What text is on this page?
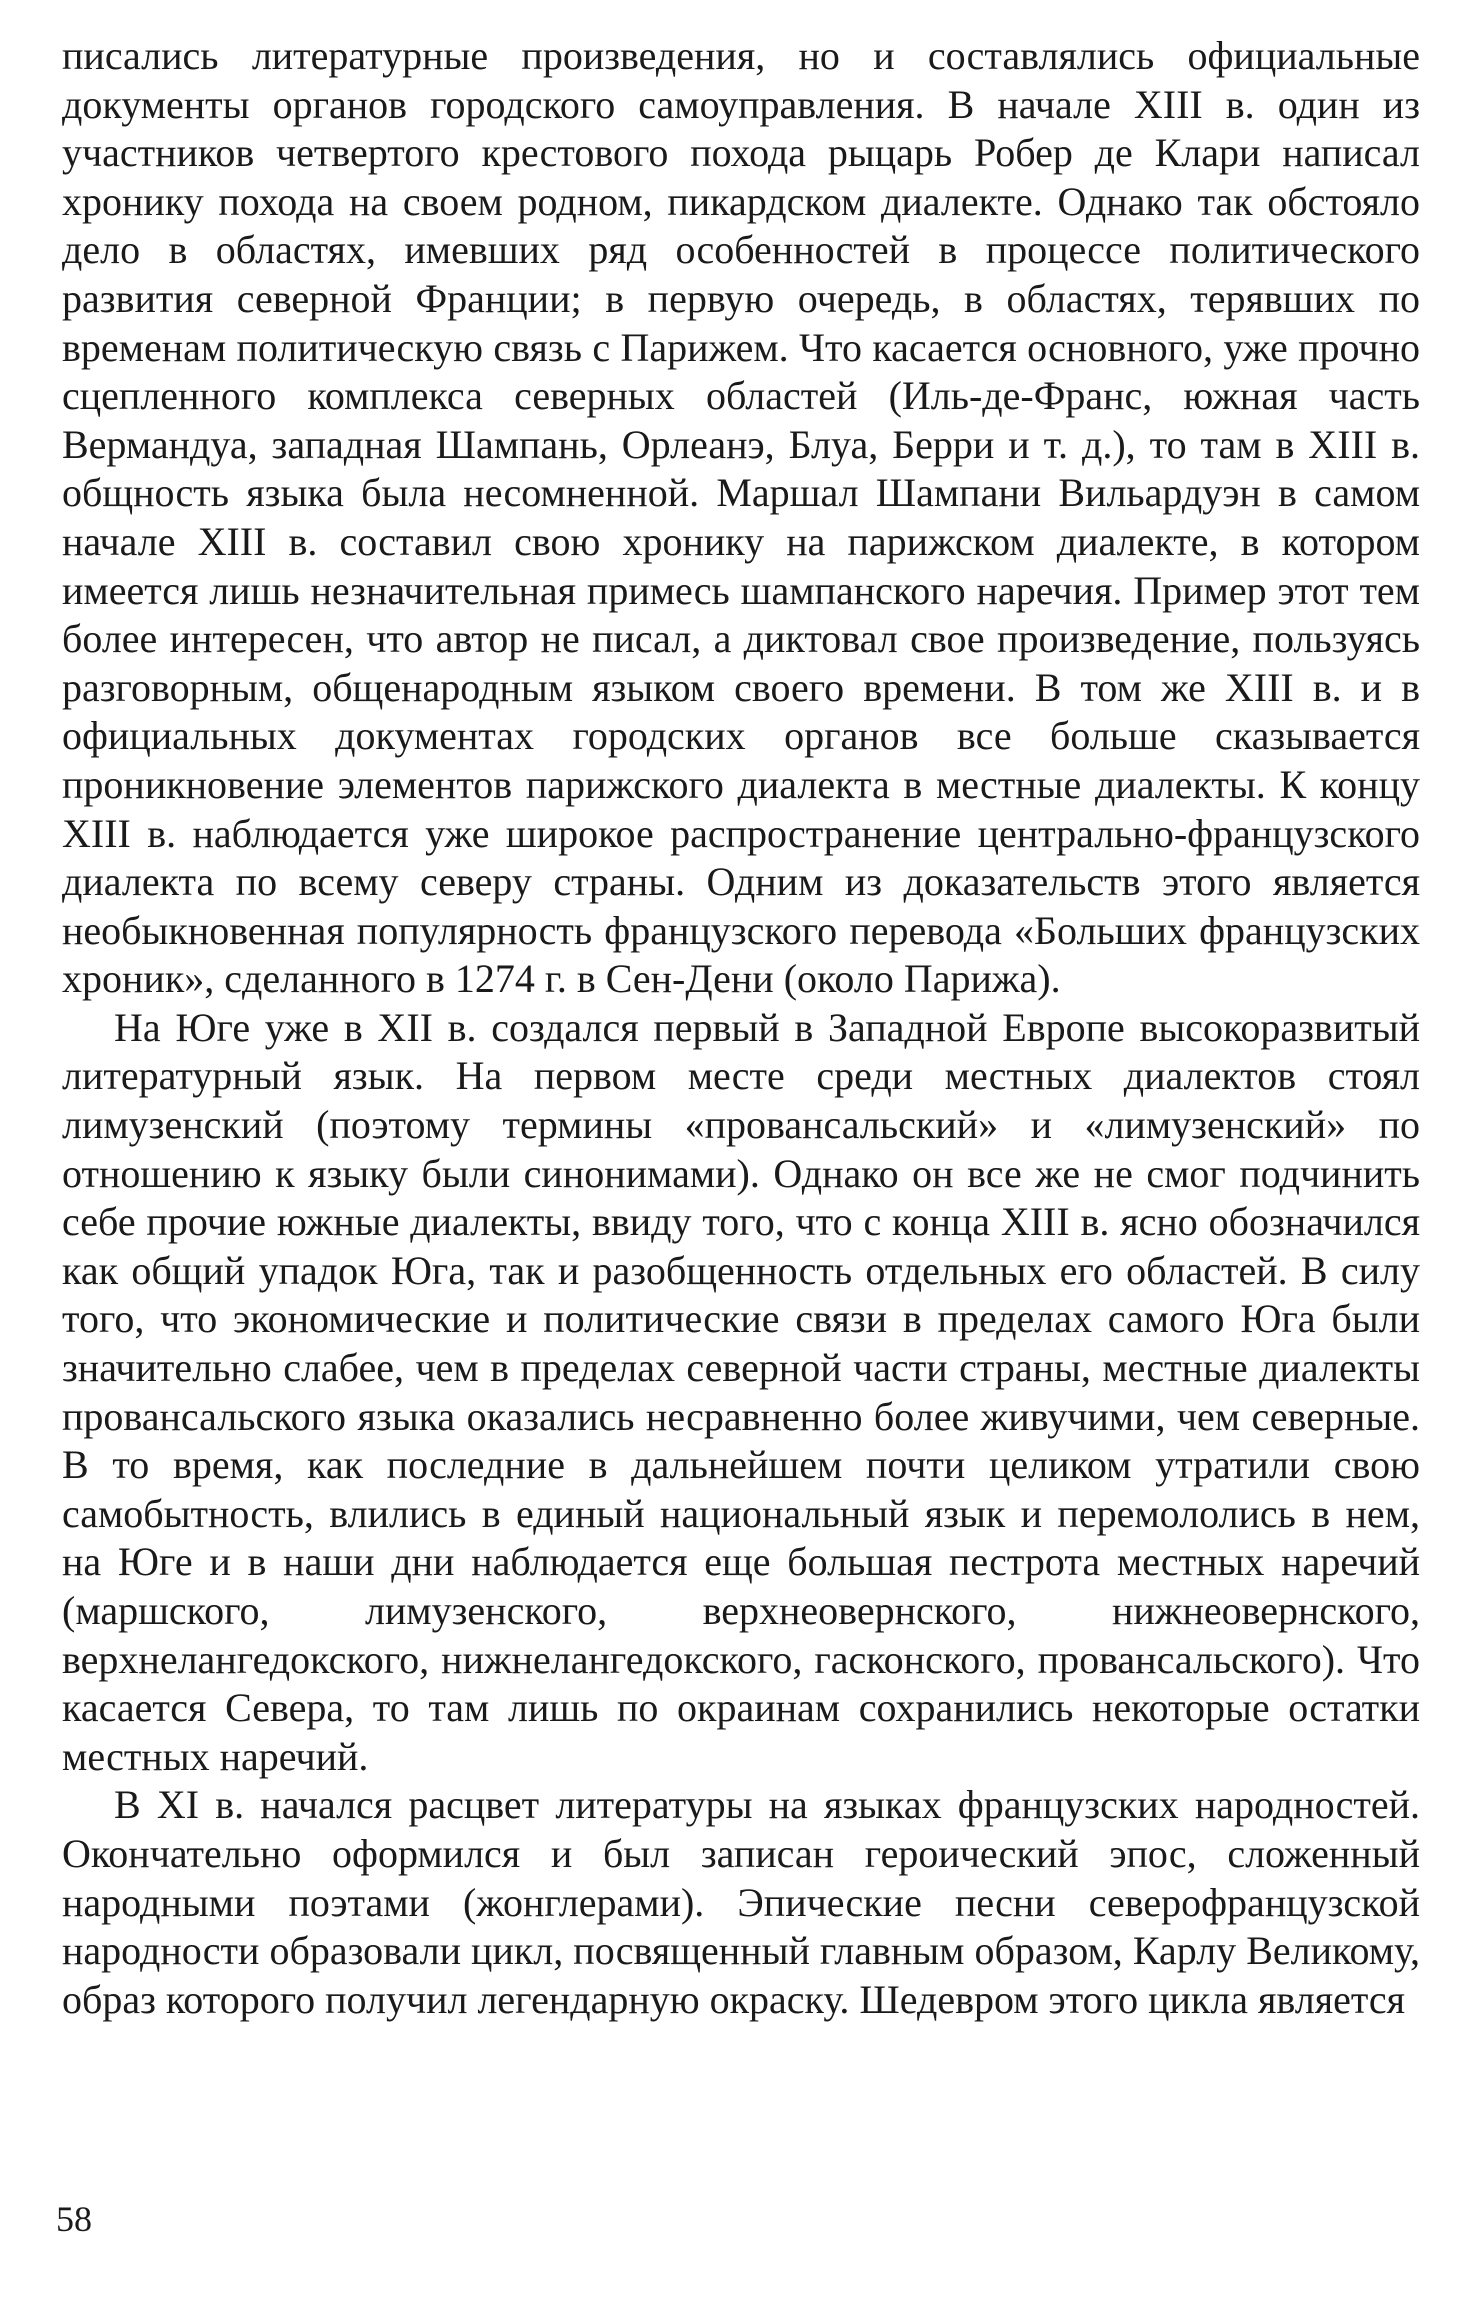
писались литературные произведения, но и составлялись официальные документы органов городского самоуправления. В начале XIII в. один из участников четвертого крестового похода рыцарь Робер де Клари написал хронику похода на своем родном, пикардском диалекте. Однако так обстояло дело в областях, имевших ряд особенностей в процессе политического развития северной Франции; в первую очередь, в областях, терявших по временам политическую связь с Парижем. Что касается основного, уже прочно сцепленного комплекса северных областей (Иль-де-Франс, южная часть Вермандуа, западная Шампань, Орлеанэ, Блуа, Берри и т. д.), то там в XIII в. общность языка была несомненной. Маршал Шампани Вильардуэн в самом начале XIII в. составил свою хронику на парижском диалекте, в котором имеется лишь незначительная примесь шампанского наречия. Пример этот тем более интересен, что автор не писал, а диктовал свое произведение, пользуясь разговорным, общенародным языком своего времени. В том же XIII в. и в официальных документах городских органов все больше сказывается проникновение элементов парижского диалекта в местные диалекты. К концу XIII в. наблюдается уже широкое распространение центрально-французского диалекта по всему северу страны. Одним из доказательств этого является необыкновенная популярность французского перевода «Больших французских хроник», сделанного в 1274 г. в Сен-Дени (около Парижа).

На Юге уже в XII в. создался первый в Западной Европе высокоразвитый литературный язык. На первом месте среди местных диалектов стоял лимузенский (поэтому термины «провансальский» и «лимузенский» по отношению к языку были синонимами). Однако он все же не смог подчинить себе прочие южные диалекты, ввиду того, что с конца XIII в. ясно обозначился как общий упадок Юга, так и разобщенность отдельных его областей. В силу того, что экономические и политические связи в пределах самого Юга были значительно слабее, чем в пределах северной части страны, местные диалекты провансальского языка оказались несравненно более живучими, чем северные. В то время, как последние в дальнейшем почти целиком утратили свою самобытность, влились в единый национальный язык и перемололись в нем, на Юге и в наши дни наблюдается еще большая пестрота местных наречий (маршского, лимузенского, верхнеовернского, нижнеовернского, верхнелангедокского, нижнелангедокского, гасконского, провансальского). Что касается Севера, то там лишь по окраинам сохранились некоторые остатки местных наречий.

В XI в. начался расцвет литературы на языках французских народностей. Окончательно оформился и был записан героический эпос, сложенный народными поэтами (жонглерами). Эпические песни северофранцузской народности образовали цикл, посвященный главным образом, Карлу Великому, образ которого получил легендарную окраску. Шедевром этого цикла является

58
